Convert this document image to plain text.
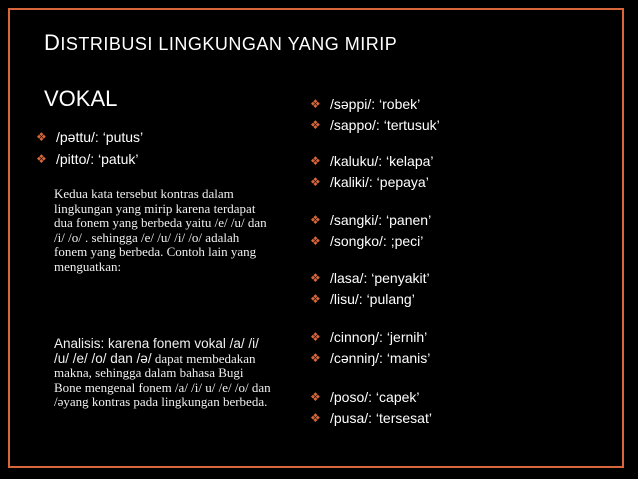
DISTRIBUSI LINGKUNGAN YANG MIRIP
VOKAL
❖ /pəttu/: ‘putus’
❖ /pitto/: ‘patuk’
Kedua kata tersebut kontras dalam lingkungan yang mirip karena terdapat dua fonem yang berbeda yaitu /e/ /u/ dan /i/ /o/ . sehingga /e/ /u/ /i/ /o/ adalah fonem yang berbeda. Contoh lain yang menguatkan:
Analisis: karena fonem vokal /a/ /i/ /u/ /e/ /o/ dan /ə/ dapat membedakan makna, sehingga dalam bahasa Bugi Bone mengenal fonem /a/ /i/ u/ /e/ /o/ dan /əyang kontras pada lingkungan berbeda.
❖ /səppi/: ‘robek’
❖ /sappo/: ‘tertusuk’
❖ /kaluku/: ‘kelapa’
❖ /kaliki/: ‘pepaya’
❖ /sangki/: ‘panen’
❖ /songko/: ;peci’
❖ /lasa/: ‘penyakit’
❖ /lisu/: ‘pulang’
❖ /cinnoŋ/: ‘jernih’
❖ /cənniŋ/: ‘manis’
❖ /poso/: ‘capek’
❖ /pusa/: ‘tersesat’
